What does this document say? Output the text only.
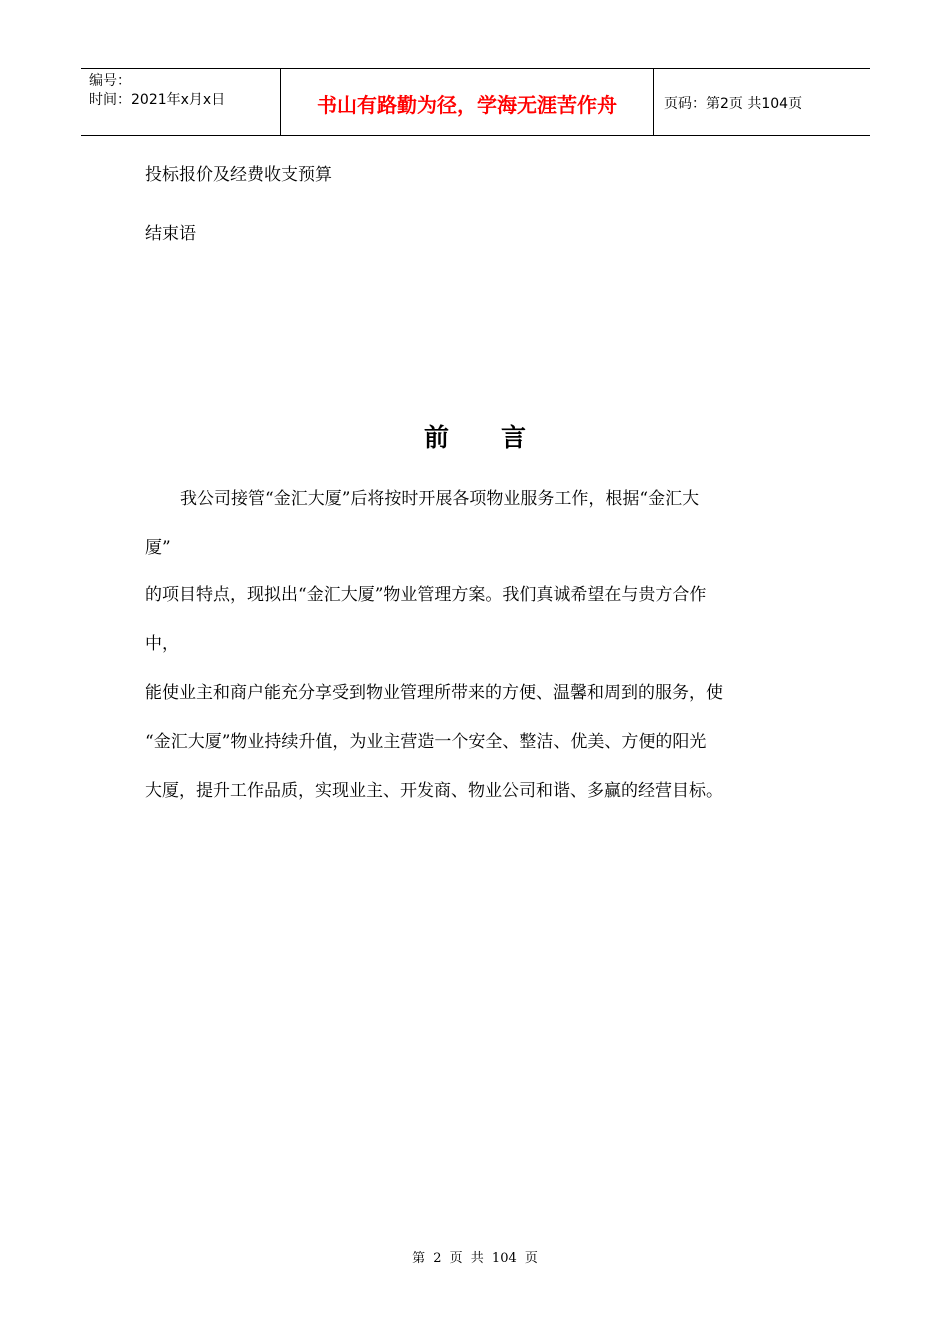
编号：
时间：2021年x月x日	书山有路勤为径，学海无涯苦作舟	页码：第2页 共104页
投标报价及经费收支预算
结束语
前言
我公司接管“金汇大厦”后将按时开展各项物业服务工作，根据“金汇大
厦”
的项目特点，现拟出“金汇大厦”物业管理方案。我们真诚希望在与贵方合作
中，
能使业主和商户能充分享受到物业管理所带来的方便、温馨和周到的服务，使
“金汇大厦”物业持续升值，为业主营造一个安全、整洁、优美、方便的阳光
大厦，提升工作品质，实现业主、开发商、物业公司和谐、多赢的经营目标。
第 2 页 共 104 页
